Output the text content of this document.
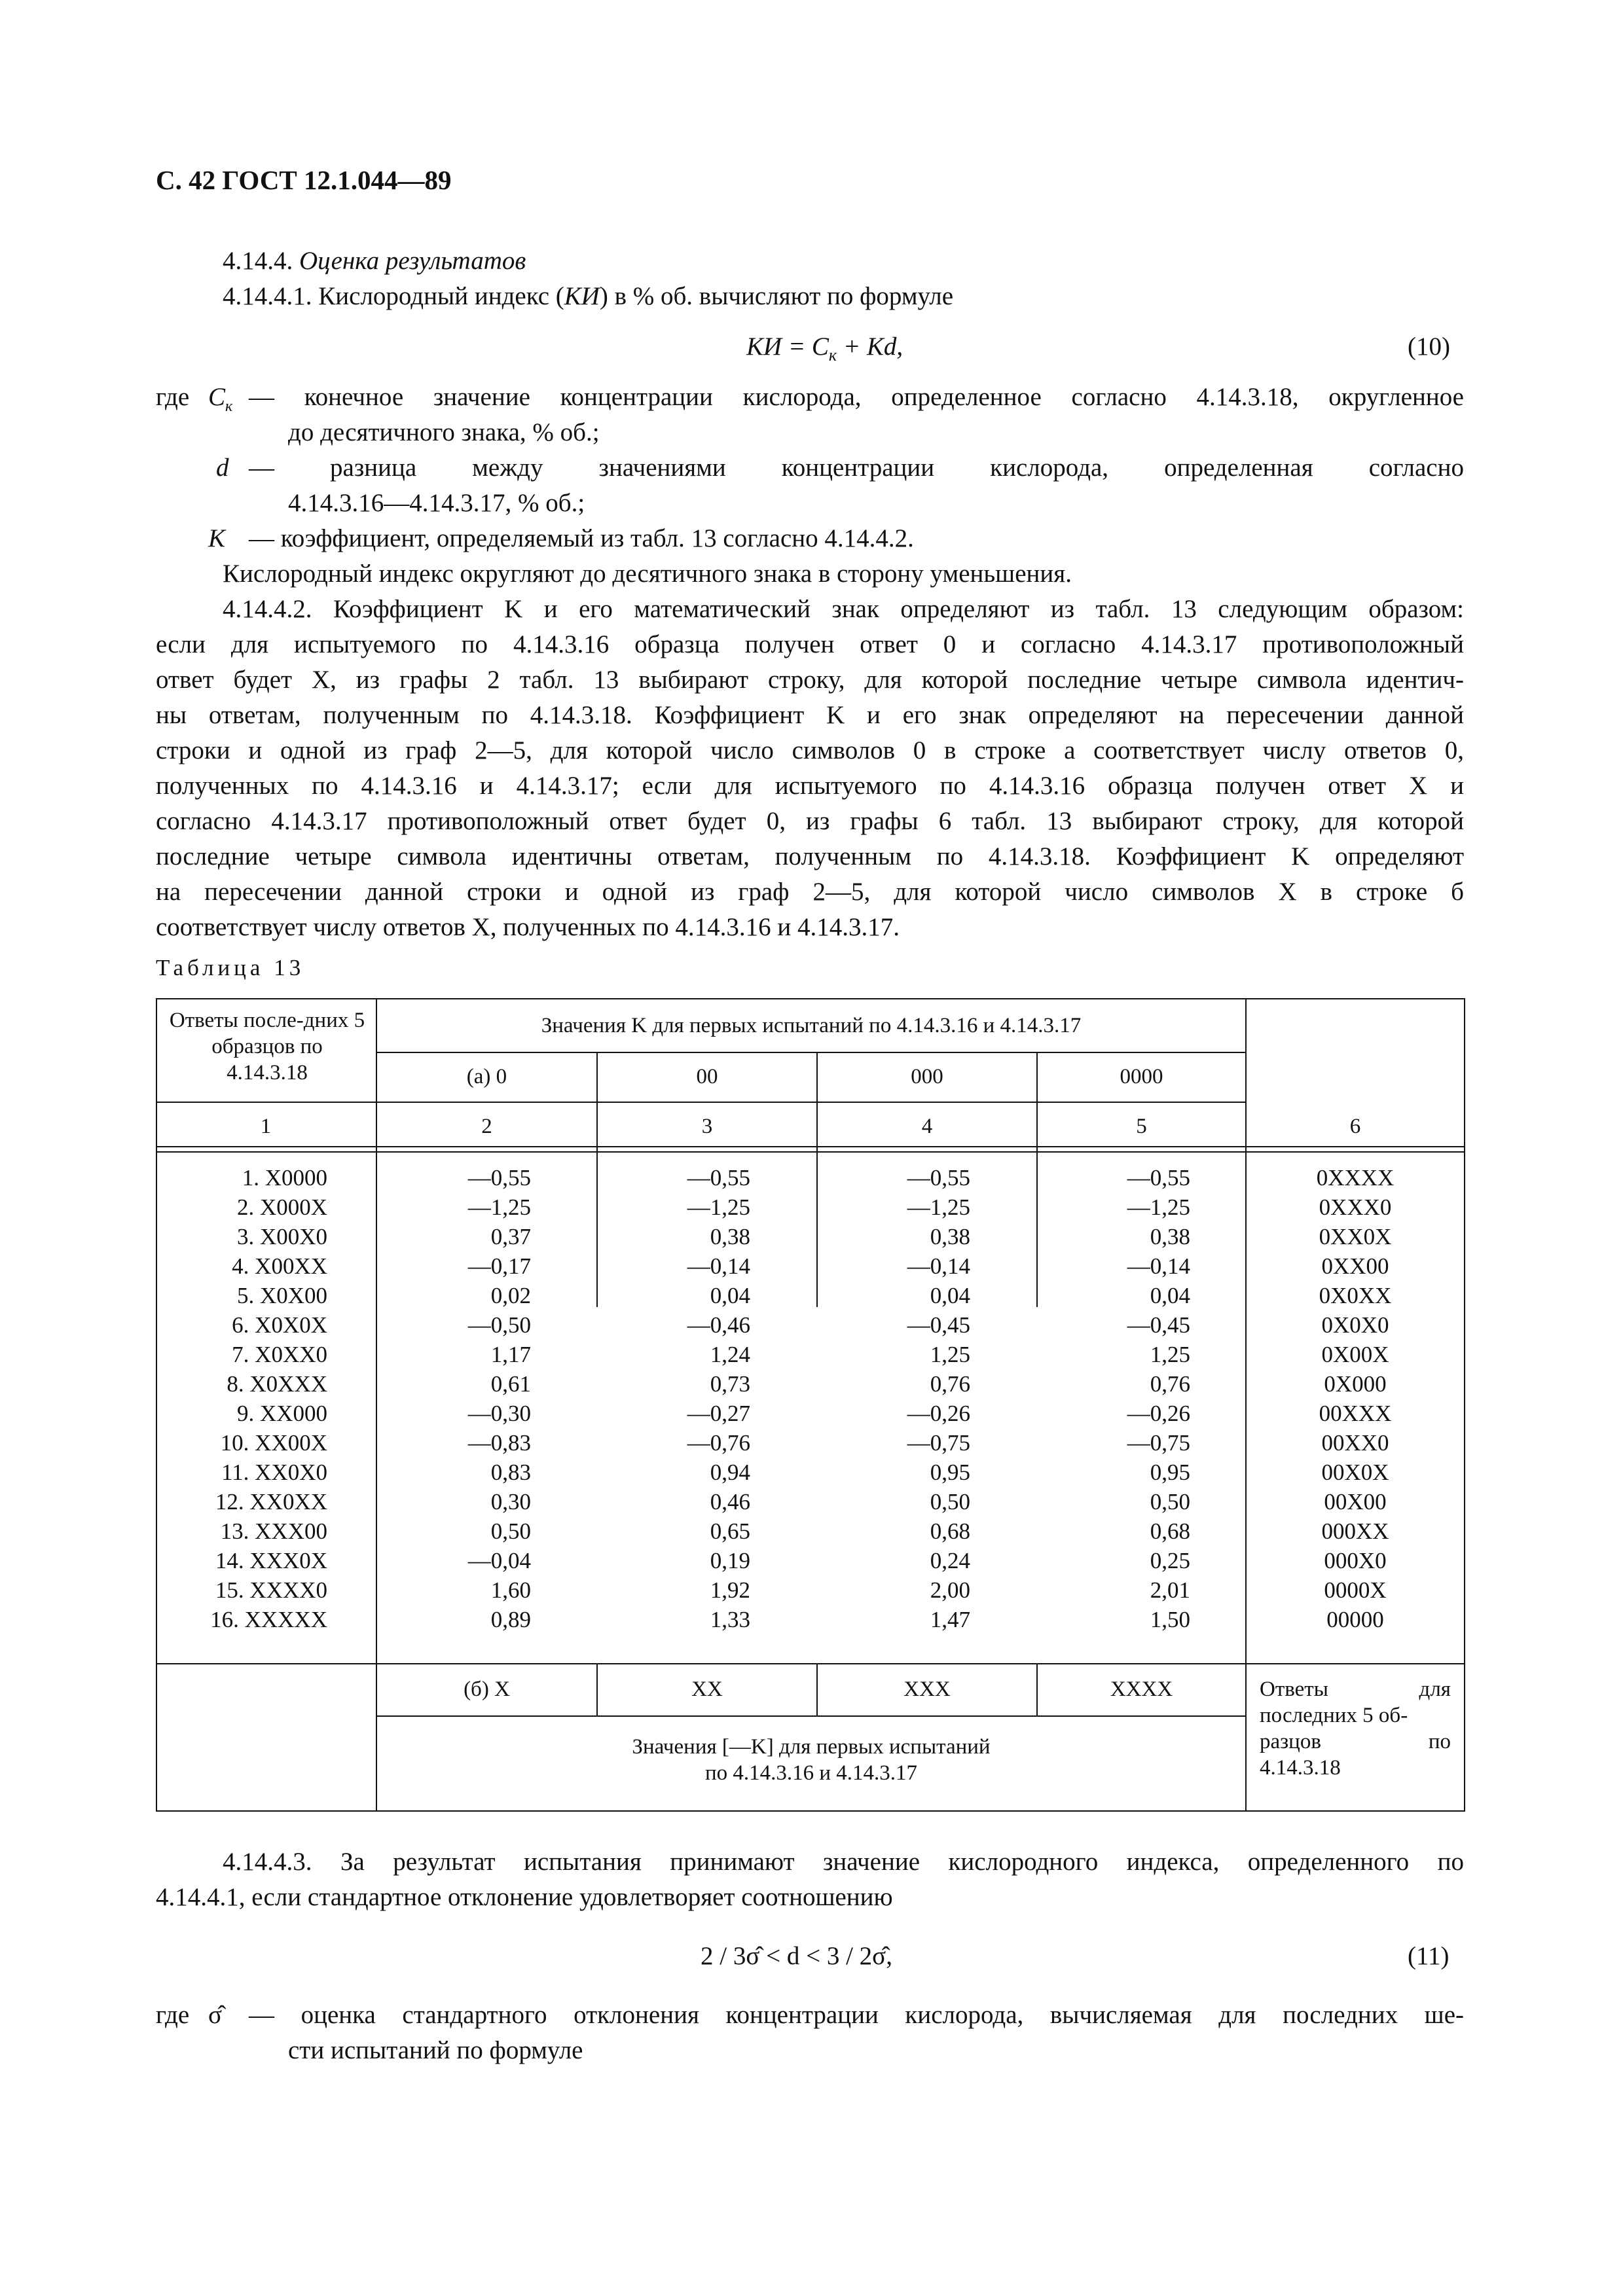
С. 42 ГОСТ 12.1.044—89
4.14.4. Оценка результатов
4.14.4.1. Кислородный индекс (КИ) в % об. вычисляют по формуле
КИ = $С_к + Kd$,	(10)
где $С_к$ — конечное значение концентрации кислорода, определенное согласно 4.14.3.18, округленное
до десятичного знака, % об.;
d — разница между значениями концентрации кислорода, определенная согласно
4.14.3.16—4.14.3.17, % об.;
K — коэффициент, определяемый из табл. 13 согласно 4.14.4.2.
Кислородный индекс округляют до десятичного знака в сторону уменьшения.
4.14.4.2. Коэффициент K и его математический знак определяют из табл. 13 следующим образом:
если для испытуемого по 4.14.3.16 образца получен ответ 0 и согласно 4.14.3.17 противоположный
ответ будет X, из графы 2 табл. 13 выбирают строку, для которой последние четыре символа идентич-
ны ответам, полученным по 4.14.3.18. Коэффициент K и его знак определяют на пересечении данной
строки и одной из граф 2—5, для которой число символов 0 в строке а соответствует числу ответов 0,
полученных по 4.14.3.16 и 4.14.3.17; если для испытуемого по 4.14.3.16 образца получен ответ X и
согласно 4.14.3.17 противоположный ответ будет 0, из графы 6 табл. 13 выбирают строку, для которой
последние четыре символа идентичны ответам, полученным по 4.14.3.18. Коэффициент K определяют
на пересечении данной строки и одной из граф 2—5, для которой число символов X в строке б
соответствует числу ответов X, полученных по 4.14.3.16 и 4.14.3.17.
Таблица 13
Ответы после-дних 5 образцов по 4.14.3.18
Значения K для первых испытаний по 4.14.3.16 и 4.14.3.17
(а) 0	00	000	0000
1	2	3	4	5	6
1. X0000	—0,55	—0,55	—0,55	—0,55	0XXXX
2. X000X	—1,25	—1,25	—1,25	—1,25	0XXX0
3. X00X0	0,37	0,38	0,38	0,38	0XX0X
4. X00XX	—0,17	—0,14	—0,14	—0,14	0XX00
5. X0X00	0,02	0,04	0,04	0,04	0X0XX
6. X0X0X	—0,50	—0,46	—0,45	—0,45	0X0X0
7. X0XX0	1,17	1,24	1,25	1,25	0X00X
8. X0XXX	0,61	0,73	0,76	0,76	0X000
9. XX000	—0,30	—0,27	—0,26	—0,26	00XXX
10. XX00X	—0,83	—0,76	—0,75	—0,75	00XX0
11. XX0X0	0,83	0,94	0,95	0,95	00X0X
12. XX0XX	0,30	0,46	0,50	0,50	00X00
13. XXX00	0,50	0,65	0,68	0,68	000XX
14. XXX0X	—0,04	0,19	0,24	0,25	000X0
15. XXXX0	1,60	1,92	2,00	2,01	0000X
16. XXXXX	0,89	1,33	1,47	1,50	00000
(б) X	XX	XXX	XXXX
Значения [—K] для первых испытаний
по 4.14.3.16 и 4.14.3.17
Ответы для
последних 5 об-
разцов по
4.14.3.18
4.14.4.3. За результат испытания принимают значение кислородного индекса, определенного по
4.14.4.1, если стандартное отклонение удовлетворяет соотношению
2 / 3σ̂ < d < 3 / 2σ̂,	(11)
где σ̂ — оценка стандартного отклонения концентрации кислорода, вычисляемая для последних ше-
сти испытаний по формуле
